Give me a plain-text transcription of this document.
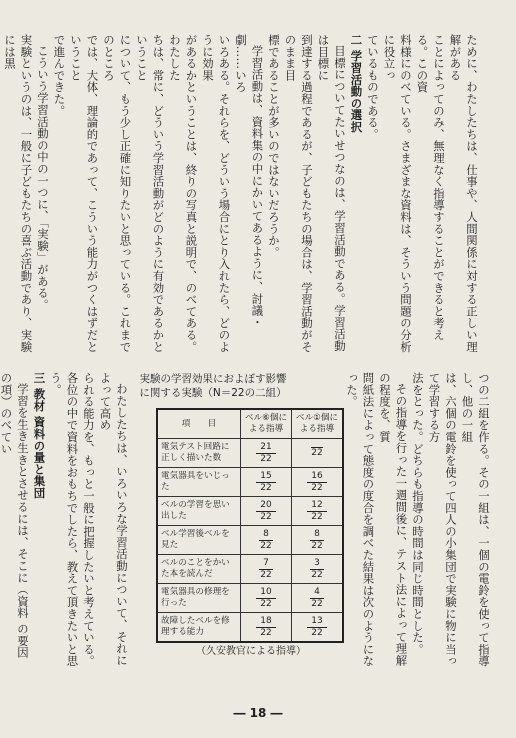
ために、わたしたちは、仕事や、人間関係に対する正しい理解がある

ことによってのみ、無理なく指導することができると考える。この資

料様にのべている。さまざまな資料は、そういう問題の分析に役立っ

ているものである。

二 学習活動の選択

目標についてたいせつなのは、学習活動である。学習活動は目標に

到達する過程であるが、子どもたちの場合は、学習活動がそのまま目

標であることが多いのではないだろうか。

学習活動は、資料集の中にかいてあるように、討議・劇……いろ

いろある。それらを、どういう場合にとり入れたら、どのように効果

があるかということは、終りの写真と説明で、のべてある。わたした

ちは、常に、どういう学習活動がどのように有効であるかということ

について、もう少し正確に知りたいと思っている。これまでのところ

では、大体、理論的であって、こういう能力がつくはずだということ

で進んできた。

こういう学習活動の中の一つに、「実験」がある。

実験というのは、一般に子どもたちの喜ぶ活動であり、実験には黒

つの二組を作る。その一組は、一個の電鈴を使って指導し、他の一組

は、六個の電鈴を使って四人の小集団で実験に物に当って学習する方

法をとった。どちらも指導の時間は同じ時間とした。

その指導を行った一週間後に、テスト法によって理解の程度を、質

問紙法によって態度の度合を調べた結果は次のようになった。

実験の学習効果におよぼす影響
に関する実験（N＝22の二組）
項　　目	ベル⑥個による指導	ベル①個による指導
電気テスト回路に正しく描いた数	$\frac{21}{22}$	22

電気器具をいじった	$\frac{15}{22}$	$\frac{16}{22}$

ベルの学習を思い出した	$\frac{20}{22}$	$\frac{12}{22}$

ベル学習後ベルを見た	$\frac{8}{22}$	$\frac{8}{22}$

ベルのことをかいた本を読んだ	$\frac{7}{22}$	$\frac{3}{22}$

電気器具の修理を行った	$\frac{10}{22}$	$\frac{4}{22}$

故障したベルを修理する能力	$\frac{18}{22}$	$\frac{13}{22}$
（久安教官による指導）

わたしたちは、いろいろな学習活動について、それによって高め

られる能力を、もっと一般に把握したいと考えている。

各位の中で資料をおもちでしたら、教えて頂きたいと思う。

三 教材 資料の量と集団

学習を生き生きとさせるには、そこに（資料 の要因の項）のべてい

― 18 ―
